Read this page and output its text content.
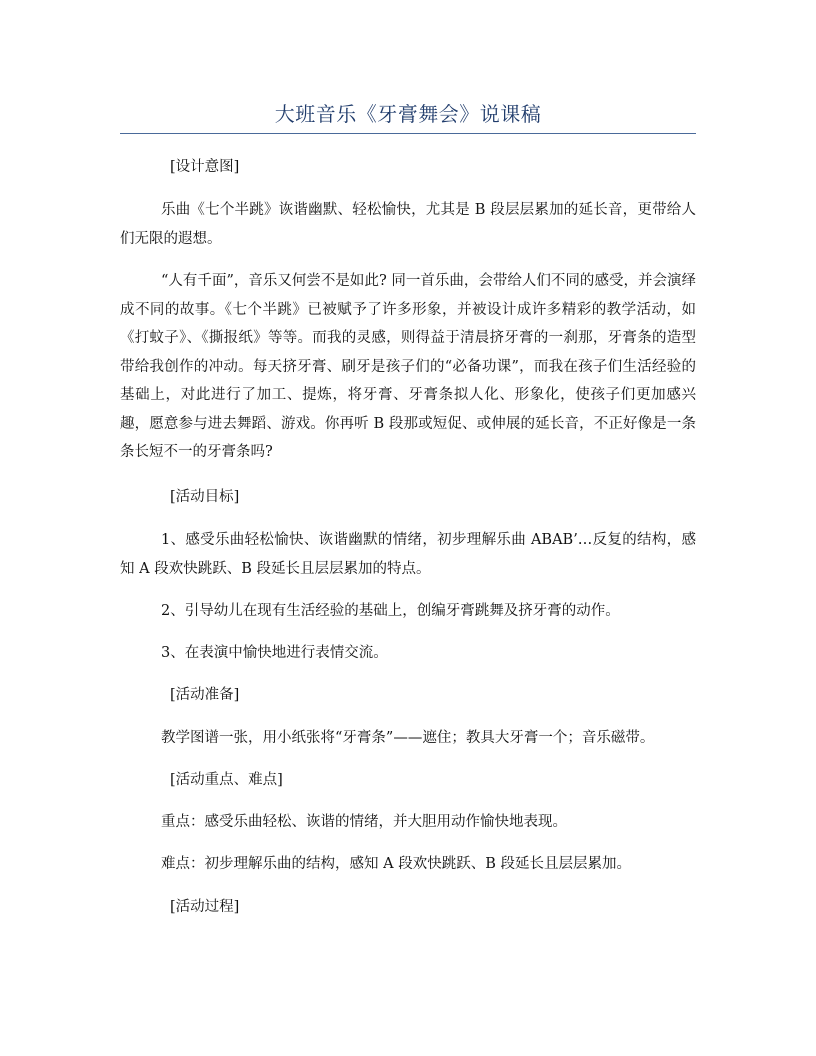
大班音乐《牙膏舞会》说课稿
[设计意图]
乐曲《七个半跳》诙谐幽默、轻松愉快，尤其是 B 段层层累加的延长音，更带给人们无限的遐想。
“人有千面”，音乐又何尝不是如此? 同一首乐曲，会带给人们不同的感受，并会演绎成不同的故事。《七个半跳》已被赋予了许多形象，并被设计成许多精彩的教学活动，如《打蚊子》、《撕报纸》等等。而我的灵感，则得益于清晨挤牙膏的一刹那，牙膏条的造型带给我创作的冲动。每天挤牙膏、刷牙是孩子们的“必备功课”，而我在孩子们生活经验的基础上，对此进行了加工、提炼，将牙膏、牙膏条拟人化、形象化，使孩子们更加感兴趣，愿意参与进去舞蹈、游戏。你再听 B 段那或短促、或伸展的延长音，不正好像是一条条长短不一的牙膏条吗?
[活动目标]
1、感受乐曲轻松愉快、诙谐幽默的情绪，初步理解乐曲 ABAB’…反复的结构，感知 A 段欢快跳跃、B 段延长且层层累加的特点。
2、引导幼儿在现有生活经验的基础上，创编牙膏跳舞及挤牙膏的动作。
3、在表演中愉快地进行表情交流。
[活动准备]
教学图谱一张，用小纸张将“牙膏条”——遮住；教具大牙膏一个；音乐磁带。
[活动重点、难点]
重点：感受乐曲轻松、诙谐的情绪，并大胆用动作愉快地表现。
难点：初步理解乐曲的结构，感知 A 段欢快跳跃、B 段延长且层层累加。
[活动过程]
